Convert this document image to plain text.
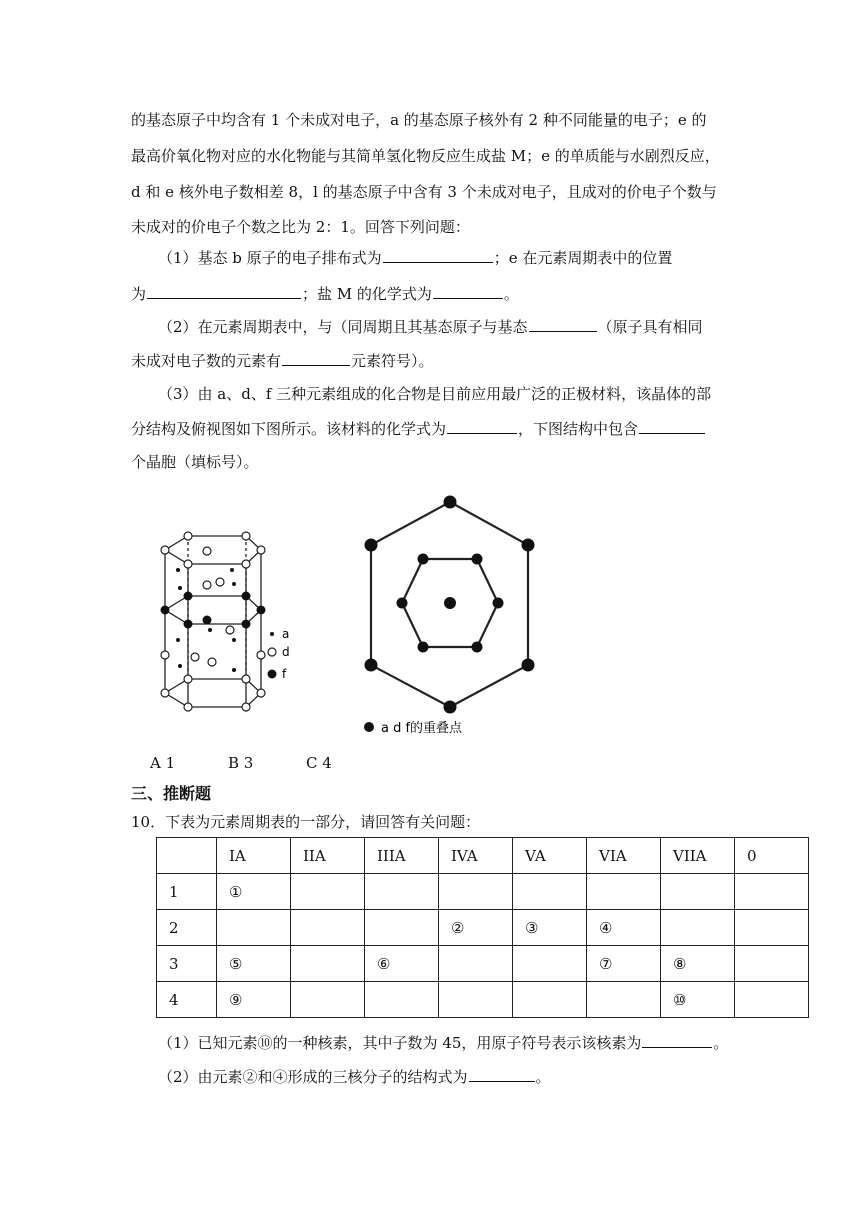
的基态原子中均含有 1 个未成对电子，a 的基态原子核外有 2 种不同能量的电子；e 的
最高价氧化物对应的水化物能与其简单氢化物反应生成盐 M；e 的单质能与水剧烈反应，
d 和 e 核外电子数相差 8，l 的基态原子中含有 3 个未成对电子，且成对的价电子个数与
未成对的价电子个数之比为 2：1。回答下列问题：
（1）基态 b 原子的电子排布式为	；e 在元素周期表中的位置
为	；盐 M 的化学式为	。
（2）在元素周期表中，与（同周期且其基态原子与基态	（原子具有相同
未成对电子数的元素有	元素符号）。
（3）由 a、d、f 三种元素组成的化合物是目前应用最广泛的正极材料，该晶体的部
分结构及俯视图如下图所示。该材料的化学式为	，下图结构中包含
个晶胞（填标号）。
a
d
f
a d f的重叠点
A 1	B 3	C 4
三、推断题
10．下表为元素周期表的一部分，请回答有关问题：
	IA	IIA	IIIA	IVA	VA	VIA	VIIA	0
1	①							
2				②	③	④		
3	⑤		⑥			⑦	⑧	
4	⑨						⑩	
（1）已知元素⑩的一种核素，其中子数为 45，用原子符号表示该核素为	。
（2）由元素②和④形成的三核分子的结构式为	。
